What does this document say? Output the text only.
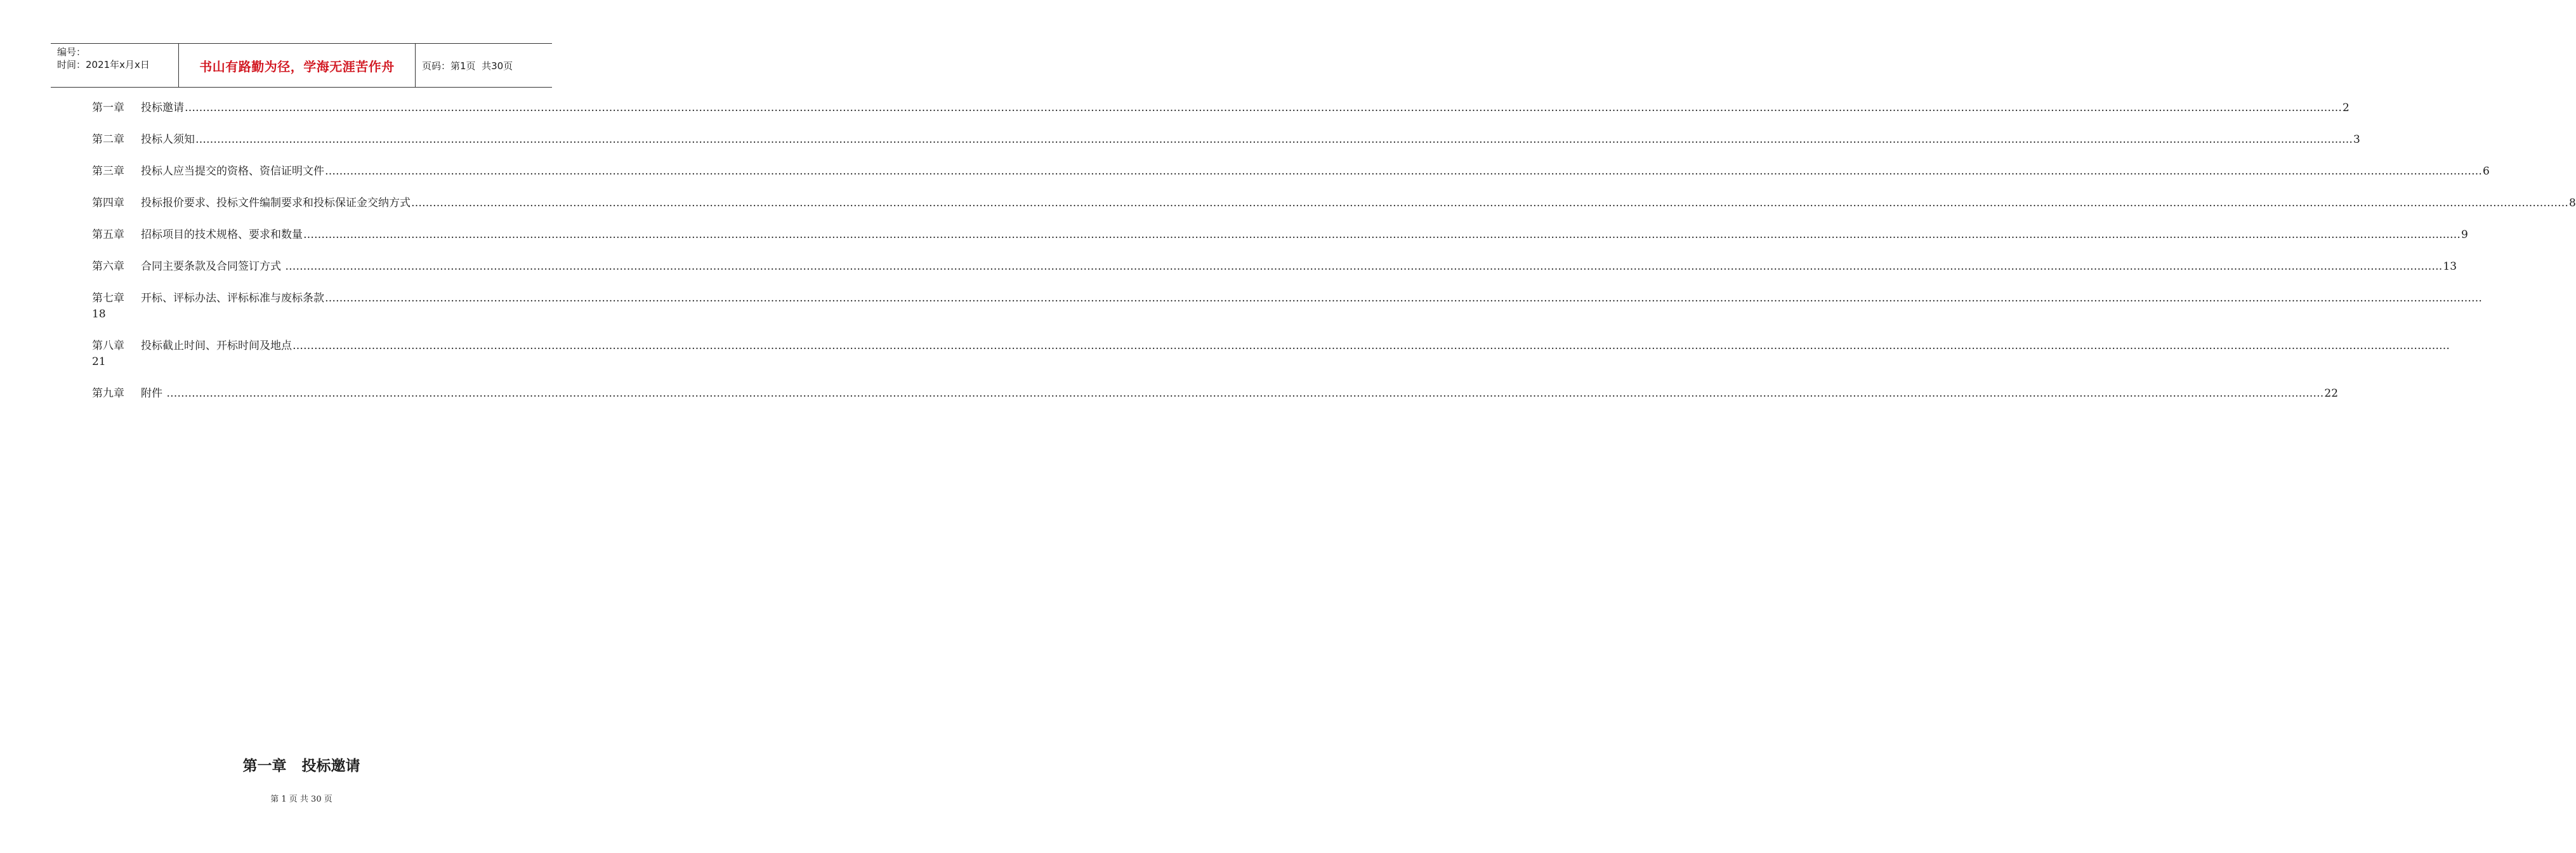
编号：
时间：2021年x月x日	书山有路勤为径，学海无涯苦作舟	页码：第1页  共30页
第一章	投标邀请 …………………………………………………………………………………………………………………………………………………………………………………………………………………………………………………………………………………………………………………………………………………………………………………………………………………………………………………………………………………………………………………………………………………… 2
第二章	投标人须知 …………………………………………………………………………………………………………………………………………………………………………………………………………………………………………………………………………………………………………………………………………………………………………………………………………………………………………………………………………………………………………………………………………………… 3
第三章	投标人应当提交的资格、资信证明文件 …………………………………………………………………………………………………………………………………………………………………………………………………………………………………………………………………………………………………………………………………………………………………………………………………………………………………………………………………………………………………………………………………………………… 6
第四章	投标报价要求、投标文件编制要求和投标保证金交纳方式 …………………………………………………………………………………………………………………………………………………………………………………………………………………………………………………………………………………………………………………………………………………………………………………………………………………………………………………………………………………………………………………………………………………… 8
第五章	招标项目的技术规格、要求和数量 …………………………………………………………………………………………………………………………………………………………………………………………………………………………………………………………………………………………………………………………………………………………………………………………………………………………………………………………………………………………………………………………………………………… 9
第六章	合同主要条款及合同签订方式 …………………………………………………………………………………………………………………………………………………………………………………………………………………………………………………………………………………………………………………………………………………………………………………………………………………………………………………………………………………………………………………………………………………… 13
第七章	开标、评标办法、评标标准与废标条款 ……………………………………………………………………………………………………………………………………………………………………………………………………………………………………………………………………………………………………………………………………………………………………………………………………………………………………………………………………………………………………………………………………………………
18
第八章	投标截止时间、开标时间及地点 ……………………………………………………………………………………………………………………………………………………………………………………………………………………………………………………………………………………………………………………………………………………………………………………………………………………………………………………………………………………………………………………………………………………
21
第九章	附件 …………………………………………………………………………………………………………………………………………………………………………………………………………………………………………………………………………………………………………………………………………………………………………………………………………………………………………………………………………………………………………………………………………………… 22
第一章   投标邀请
第 1 页 共 30 页
